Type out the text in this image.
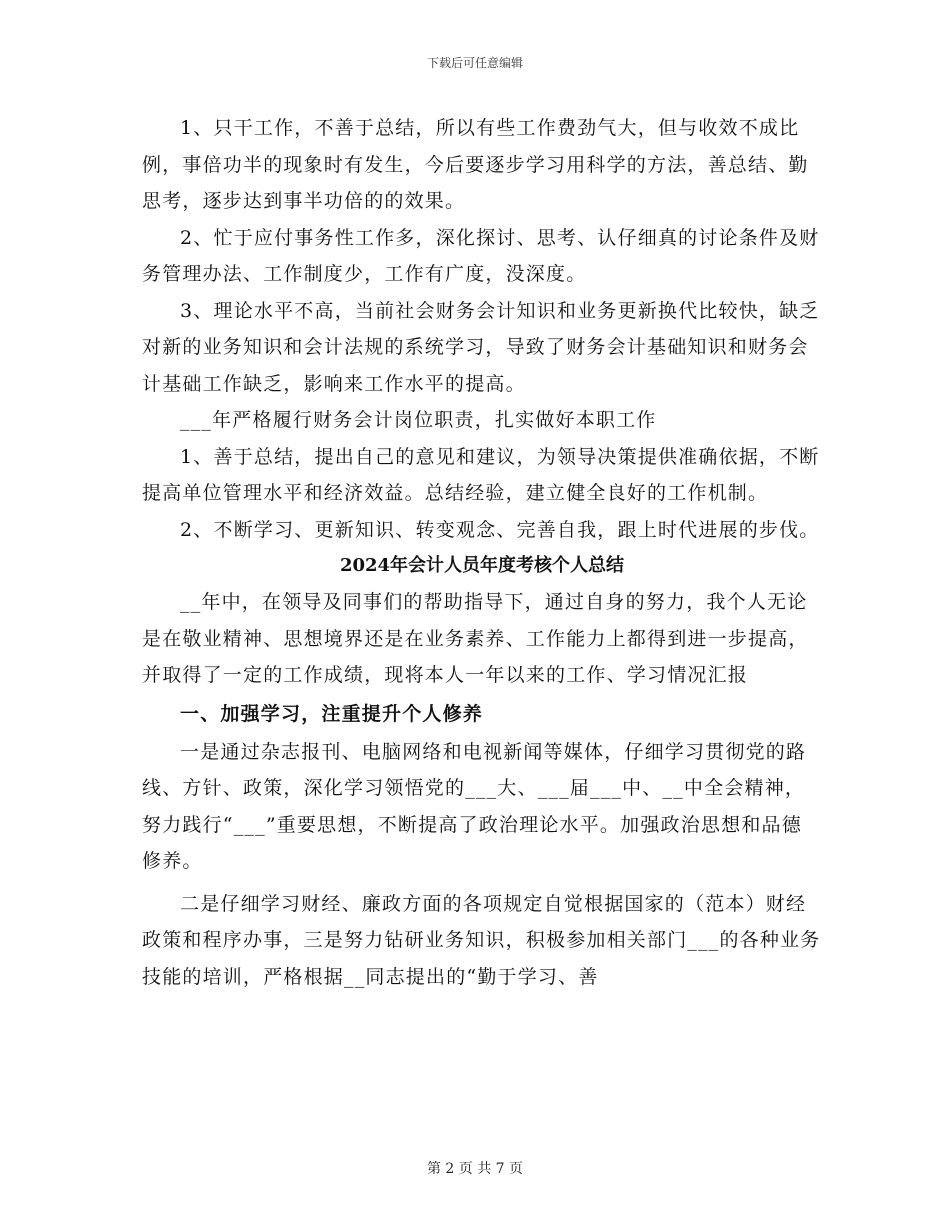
下载后可任意编辑

1、只干工作，不善于总结，所以有些工作费劲气大，但与收效不成比例，事倍功半的现象时有发生，今后要逐步学习用科学的方法，善总结、勤思考，逐步达到事半功倍的的效果。

2、忙于应付事务性工作多，深化探讨、思考、认仔细真的讨论条件及财务管理办法、工作制度少，工作有广度，没深度。

3、理论水平不高，当前社会财务会计知识和业务更新换代比较快，缺乏对新的业务知识和会计法规的系统学习，导致了财务会计基础知识和财务会计基础工作缺乏，影响来工作水平的提高。

___年严格履行财务会计岗位职责，扎实做好本职工作

1、善于总结，提出自己的意见和建议，为领导决策提供准确依据，不断提高单位管理水平和经济效益。总结经验，建立健全良好的工作机制。

2、不断学习、更新知识、转变观念、完善自我，跟上时代进展的步伐。

2024年会计人员年度考核个人总结

__年中，在领导及同事们的帮助指导下，通过自身的努力，我个人无论是在敬业精神、思想境界还是在业务素养、工作能力上都得到进一步提高，并取得了一定的工作成绩，现将本人一年以来的工作、学习情况汇报

一、加强学习，注重提升个人修养

一是通过杂志报刊、电脑网络和电视新闻等媒体，仔细学习贯彻党的路线、方针、政策，深化学习领悟党的___大、___届___中、__中全会精神，努力践行“___”重要思想，不断提高了政治理论水平。加强政治思想和品德修养。

二是仔细学习财经、廉政方面的各项规定自觉根据国家的（范本）财经政策和程序办事，三是努力钻研业务知识，积极参加相关部门___的各种业务技能的培训，严格根据__同志提出的“勤于学习、善

第 2 页 共 7 页
